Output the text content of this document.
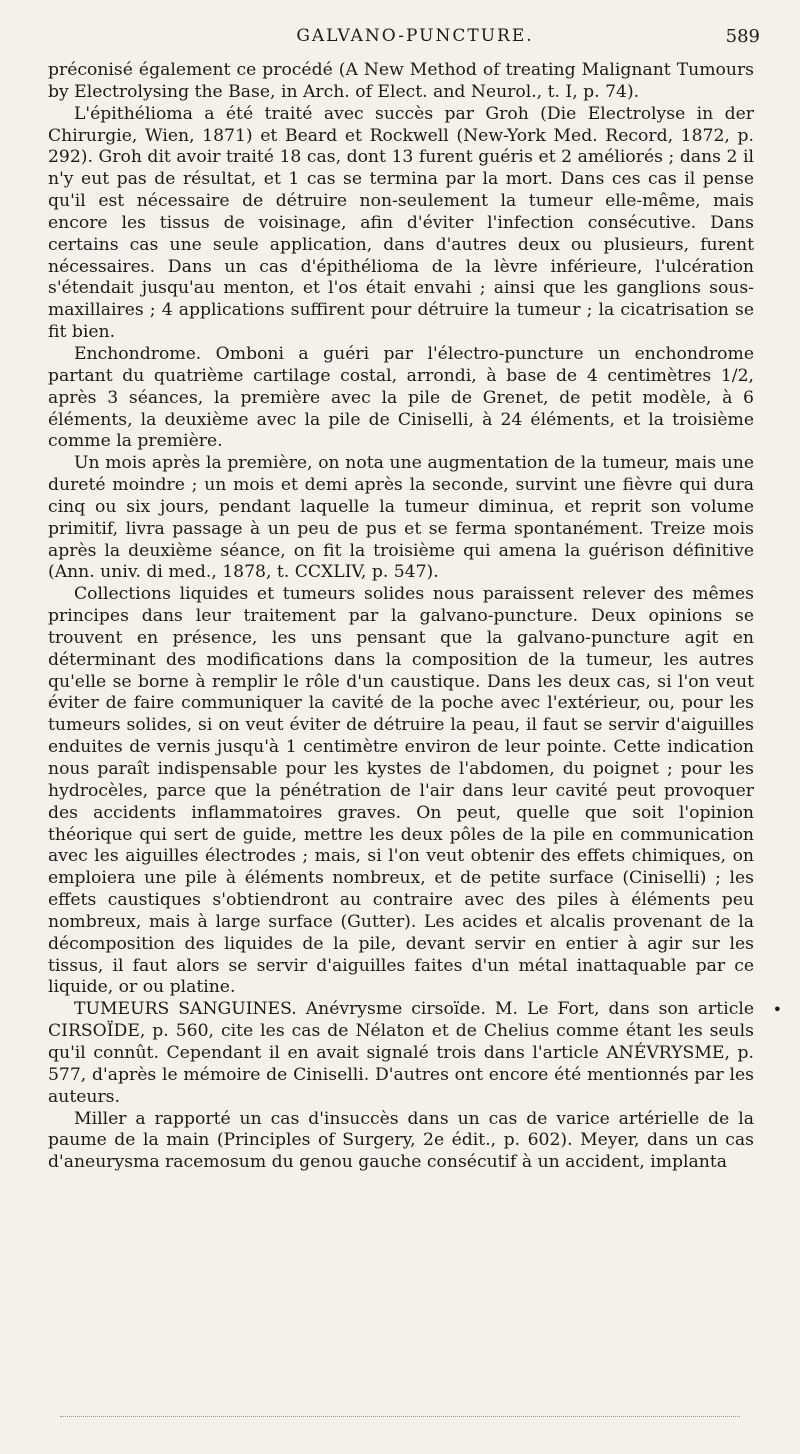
GALVANO-PUNCTURE.	589

préconisé également ce procédé (A New Method of treating Malignant Tumours by Electrolysing the Base, in Arch. of Elect. and Neurol., t. I, p. 74).

L'épithélioma a été traité avec succès par Groh (Die Electrolyse in der Chirurgie, Wien, 1871) et Beard et Rockwell (New-York Med. Record, 1872, p. 292). Groh dit avoir traité 18 cas, dont 13 furent guéris et 2 améliorés ; dans 2 il n'y eut pas de résultat, et 1 cas se termina par la mort. Dans ces cas il pense qu'il est nécessaire de détruire non-seulement la tumeur elle-même, mais encore les tissus de voisinage, afin d'éviter l'infection consécutive. Dans certains cas une seule application, dans d'autres deux ou plusieurs, furent nécessaires. Dans un cas d'épithélioma de la lèvre inférieure, l'ulcération s'étendait jusqu'au menton, et l'os était envahi ; ainsi que les ganglions sous-maxillaires ; 4 applications suffirent pour détruire la tumeur ; la cicatrisation se fit bien.

Enchondrome. Omboni a guéri par l'électro-puncture un enchondrome partant du quatrième cartilage costal, arrondi, à base de 4 centimètres 1/2, après 3 séances, la première avec la pile de Grenet, de petit modèle, à 6 éléments, la deuxième avec la pile de Ciniselli, à 24 éléments, et la troisième comme la première.

Un mois après la première, on nota une augmentation de la tumeur, mais une dureté moindre ; un mois et demi après la seconde, survint une fièvre qui dura cinq ou six jours, pendant laquelle la tumeur diminua, et reprit son volume primitif, livra passage à un peu de pus et se ferma spontanément. Treize mois après la deuxième séance, on fit la troisième qui amena la guérison définitive (Ann. univ. di med., 1878, t. CCXLIV, p. 547).

Collections liquides et tumeurs solides nous paraissent relever des mêmes principes dans leur traitement par la galvano-puncture. Deux opinions se trouvent en présence, les uns pensant que la galvano-puncture agit en déterminant des modifications dans la composition de la tumeur, les autres qu'elle se borne à remplir le rôle d'un caustique. Dans les deux cas, si l'on veut éviter de faire communiquer la cavité de la poche avec l'extérieur, ou, pour les tumeurs solides, si on veut éviter de détruire la peau, il faut se servir d'aiguilles enduites de vernis jusqu'à 1 centimètre environ de leur pointe. Cette indication nous paraît indispensable pour les kystes de l'abdomen, du poignet ; pour les hydrocèles, parce que la pénétration de l'air dans leur cavité peut provoquer des accidents inflammatoires graves. On peut, quelle que soit l'opinion théorique qui sert de guide, mettre les deux pôles de la pile en communication avec les aiguilles électrodes ; mais, si l'on veut obtenir des effets chimiques, on emploiera une pile à éléments nombreux, et de petite surface (Ciniselli) ; les effets caustiques s'obtiendront au contraire avec des piles à éléments peu nombreux, mais à large surface (Gutter). Les acides et alcalis provenant de la décomposition des liquides de la pile, devant servir en entier à agir sur les tissus, il faut alors se servir d'aiguilles faites d'un métal inattaquable par ce liquide, or ou platine.

TUMEURS SANGUINES. Anévrysme cirsoïde. M. Le Fort, dans son article CIRSOÏDE, p. 560, cite les cas de Nélaton et de Chelius comme étant les seuls qu'il connût. Cependant il en avait signalé trois dans l'article ANÉVRYSME, p. 577, d'après le mémoire de Ciniselli. D'autres ont encore été mentionnés par les auteurs.

Miller a rapporté un cas d'insuccès dans un cas de varice artérielle de la paume de la main (Principles of Surgery, 2e édit., p. 602). Meyer, dans un cas d'aneurysma racemosum du genou gauche consécutif à un accident, implanta

•
